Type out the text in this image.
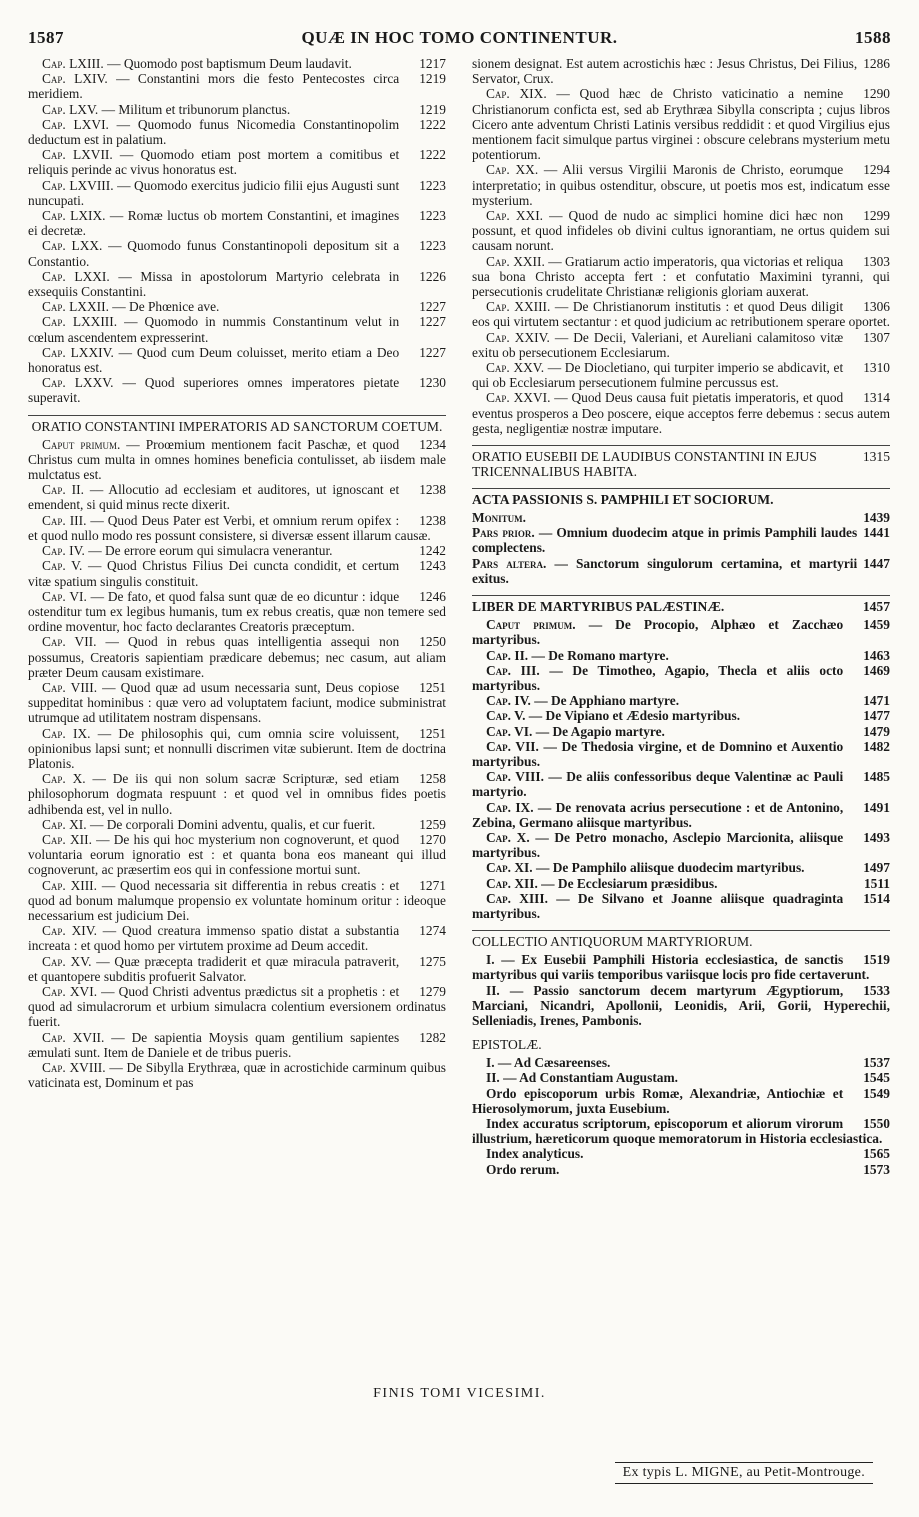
1587	QUÆ IN HOC TOMO CONTINENTUR.	1588
1217
Cap. LXIII. — Quomodo post baptismum Deum laudavit.
1219
Cap. LXIV. — Constantini mors die festo Pentecostes circa meridiem.
1219
Cap. LXV. — Militum et tribunorum planctus.
1222
Cap. LXVI. — Quomodo funus Nicomedia Constantinopolim deductum est in palatium.
1222
Cap. LXVII. — Quomodo etiam post mortem a comitibus et reliquis perinde ac vivus honoratus est.
1223
Cap. LXVIII. — Quomodo exercitus judicio filii ejus Augusti sunt nuncupati.
1223
Cap. LXIX. — Romæ luctus ob mortem Constantini, et imagines ei decretæ.
1223
Cap. LXX. — Quomodo funus Constantinopoli depositum sit a Constantio.
1226
Cap. LXXI. — Missa in apostolorum Martyrio celebrata in exsequiis Constantini.
1227
Cap. LXXII. — De Phœnice ave.
1227
Cap. LXXIII. — Quomodo in nummis Constantinum velut in cœlum ascendentem expresserint.
1227
Cap. LXXIV. — Quod cum Deum coluisset, merito etiam a Deo honoratus est.
1230
Cap. LXXV. — Quod superiores omnes imperatores pietate superavit.
ORATIO CONSTANTINI IMPERATORIS AD SANCTORUM COETUM.
1234
Caput primum. — Proœmium mentionem facit Paschæ, et quod Christus cum multa in omnes homines beneficia contulisset, ab iisdem male mulctatus est.
1238
Cap. II. — Allocutio ad ecclesiam et auditores, ut ignoscant et emendent, si quid minus recte dixerit.
1238
Cap. III. — Quod Deus Pater est Verbi, et omnium rerum opifex : et quod nullo modo res possunt consistere, si diversæ essent illarum causæ.
1242
Cap. IV. — De errore eorum qui simulacra venerantur.
1243
Cap. V. — Quod Christus Filius Dei cuncta condidit, et certum vitæ spatium singulis constituit.
1246
Cap. VI. — De fato, et quod falsa sunt quæ de eo dicuntur : idque ostenditur tum ex legibus humanis, tum ex rebus creatis, quæ non temere sed ordine moventur, hoc facto declarantes Creatoris præceptum.
1250
Cap. VII. — Quod in rebus quas intelligentia assequi non possumus, Creatoris sapientiam prædicare debemus; nec casum, aut aliam præter Deum causam existimare.
1251
Cap. VIII. — Quod quæ ad usum necessaria sunt, Deus copiose suppeditat hominibus : quæ vero ad voluptatem faciunt, modice subministrat utrumque ad utilitatem nostram dispensans.
1251
Cap. IX. — De philosophis qui, cum omnia scire voluissent, opinionibus lapsi sunt; et nonnulli discrimen vitæ subierunt. Item de doctrina Platonis.
1258
Cap. X. — De iis qui non solum sacræ Scripturæ, sed etiam philosophorum dogmata respuunt : et quod vel in omnibus fides poetis adhibenda est, vel in nullo.
1259
Cap. XI. — De corporali Domini adventu, qualis, et cur fuerit.
1270
Cap. XII. — De his qui hoc mysterium non cognoverunt, et quod voluntaria eorum ignoratio est : et quanta bona eos maneant qui illud cognoverunt, ac præsertim eos qui in confessione mortui sunt.
1271
Cap. XIII. — Quod necessaria sit differentia in rebus creatis : et quod ad bonum malumque propensio ex voluntate hominum oritur : ideoque necessarium est judicium Dei.
1274
Cap. XIV. — Quod creatura immenso spatio distat a substantia increata : et quod homo per virtutem proxime ad Deum accedit.
1275
Cap. XV. — Quæ præcepta tradiderit et quæ miracula patraverit, et quantopere subditis profuerit Salvator.
1279
Cap. XVI. — Quod Christi adventus prædictus sit a prophetis : et quod ad simulacrorum et urbium simulacra colentium eversionem ordinatus fuerit.
1282
Cap. XVII. — De sapientia Moysis quam gentilium sapientes æmulati sunt. Item de Daniele et de tribus pueris.
Cap. XVIII. — De Sibylla Erythræa, quæ in acrostichide carminum quibus vaticinata est, Dominum et pas
1286
sionem designat. Est autem acrostichis hæc : Jesus Christus, Dei Filius, Servator, Crux.
1290
Cap. XIX. — Quod hæc de Christo vaticinatio a nemine Christianorum conficta est, sed ab Erythræa Sibylla conscripta ; cujus libros Cicero ante adventum Christi Latinis versibus reddidit : et quod Virgilius ejus mentionem facit simulque partus virginei : obscure celebrans mysterium metu potentiorum.
1294
Cap. XX. — Alii versus Virgilii Maronis de Christo, eorumque interpretatio; in quibus ostenditur, obscure, ut poetis mos est, indicatum esse mysterium.
1299
Cap. XXI. — Quod de nudo ac simplici homine dici hæc non possunt, et quod infideles ob divini cultus ignorantiam, ne ortus quidem sui causam norunt.
1303
Cap. XXII. — Gratiarum actio imperatoris, qua victorias et reliqua sua bona Christo accepta fert : et confutatio Maximini tyranni, qui persecutionis crudelitate Christianæ religionis gloriam auxerat.
1306
Cap. XXIII. — De Christianorum institutis : et quod Deus diligit eos qui virtutem sectantur : et quod judicium ac retributionem sperare oportet.
1307
Cap. XXIV. — De Decii, Valeriani, et Aureliani calamitoso vitæ exitu ob persecutionem Ecclesiarum.
1310
Cap. XXV. — De Diocletiano, qui turpiter imperio se abdicavit, et qui ob Ecclesiarum persecutionem fulmine percussus est.
1314
Cap. XXVI. — Quod Deus causa fuit pietatis imperatoris, et quod eventus prosperos a Deo poscere, eique acceptos ferre debemus : secus autem gesta, negligentiæ nostræ imputare.
1315
ORATIO EUSEBII DE LAUDIBUS CONSTANTINI IN EJUS TRICENNALIBUS HABITA.
ACTA PASSIONIS S. PAMPHILI ET SOCIORUM.
1439
Monitum.
1441
Pars prior. — Omnium duodecim atque in primis Pamphili laudes complectens.
1447
Pars altera. — Sanctorum singulorum certamina, et martyrii exitus.
1457
LIBER DE MARTYRIBUS PALÆSTINÆ.
1459
Caput primum. — De Procopio, Alphæo et Zacchæo martyribus.
1463
Cap. II. — De Romano martyre.
1469
Cap. III. — De Timotheo, Agapio, Thecla et aliis octo martyribus.
1471
Cap. IV. — De Apphiano martyre.
1477
Cap. V. — De Vipiano et Ædesio martyribus.
1479
Cap. VI. — De Agapio martyre.
1482
Cap. VII. — De Thedosia virgine, et de Domnino et Auxentio martyribus.
1485
Cap. VIII. — De aliis confessoribus deque Valentinæ ac Pauli martyrio.
1491
Cap. IX. — De renovata acrius persecutione : et de Antonino, Zebina, Germano aliisque martyribus.
1493
Cap. X. — De Petro monacho, Asclepio Marcionita, aliisque martyribus.
1497
Cap. XI. — De Pamphilo aliisque duodecim martyribus.
1511
Cap. XII. — De Ecclesiarum præsidibus.
1514
Cap. XIII. — De Silvano et Joanne aliisque quadraginta martyribus.
COLLECTIO ANTIQUORUM MARTYRIORUM.
1519
I. — Ex Eusebii Pamphili Historia ecclesiastica, de sanctis martyribus qui variis temporibus variisque locis pro fide certaverunt.
1533
II. — Passio sanctorum decem martyrum Ægyptiorum, Marciani, Nicandri, Apollonii, Leonidis, Arii, Gorii, Hyperechii, Selleniadis, Irenes, Pambonis.
EPISTOLÆ.
1537
I. — Ad Cæsareenses.
1545
II. — Ad Constantiam Augustam.
1549
Ordo episcoporum urbis Romæ, Alexandriæ, Antiochiæ et Hierosolymorum, juxta Eusebium.
1550
Index accuratus scriptorum, episcoporum et aliorum virorum illustrium, hæreticorum quoque memoratorum in Historia ecclesiastica.
1565
Index analyticus.
1573
Ordo rerum.
FINIS TOMI VICESIMI.
Ex typis L. MIGNE, au Petit-Montrouge.
